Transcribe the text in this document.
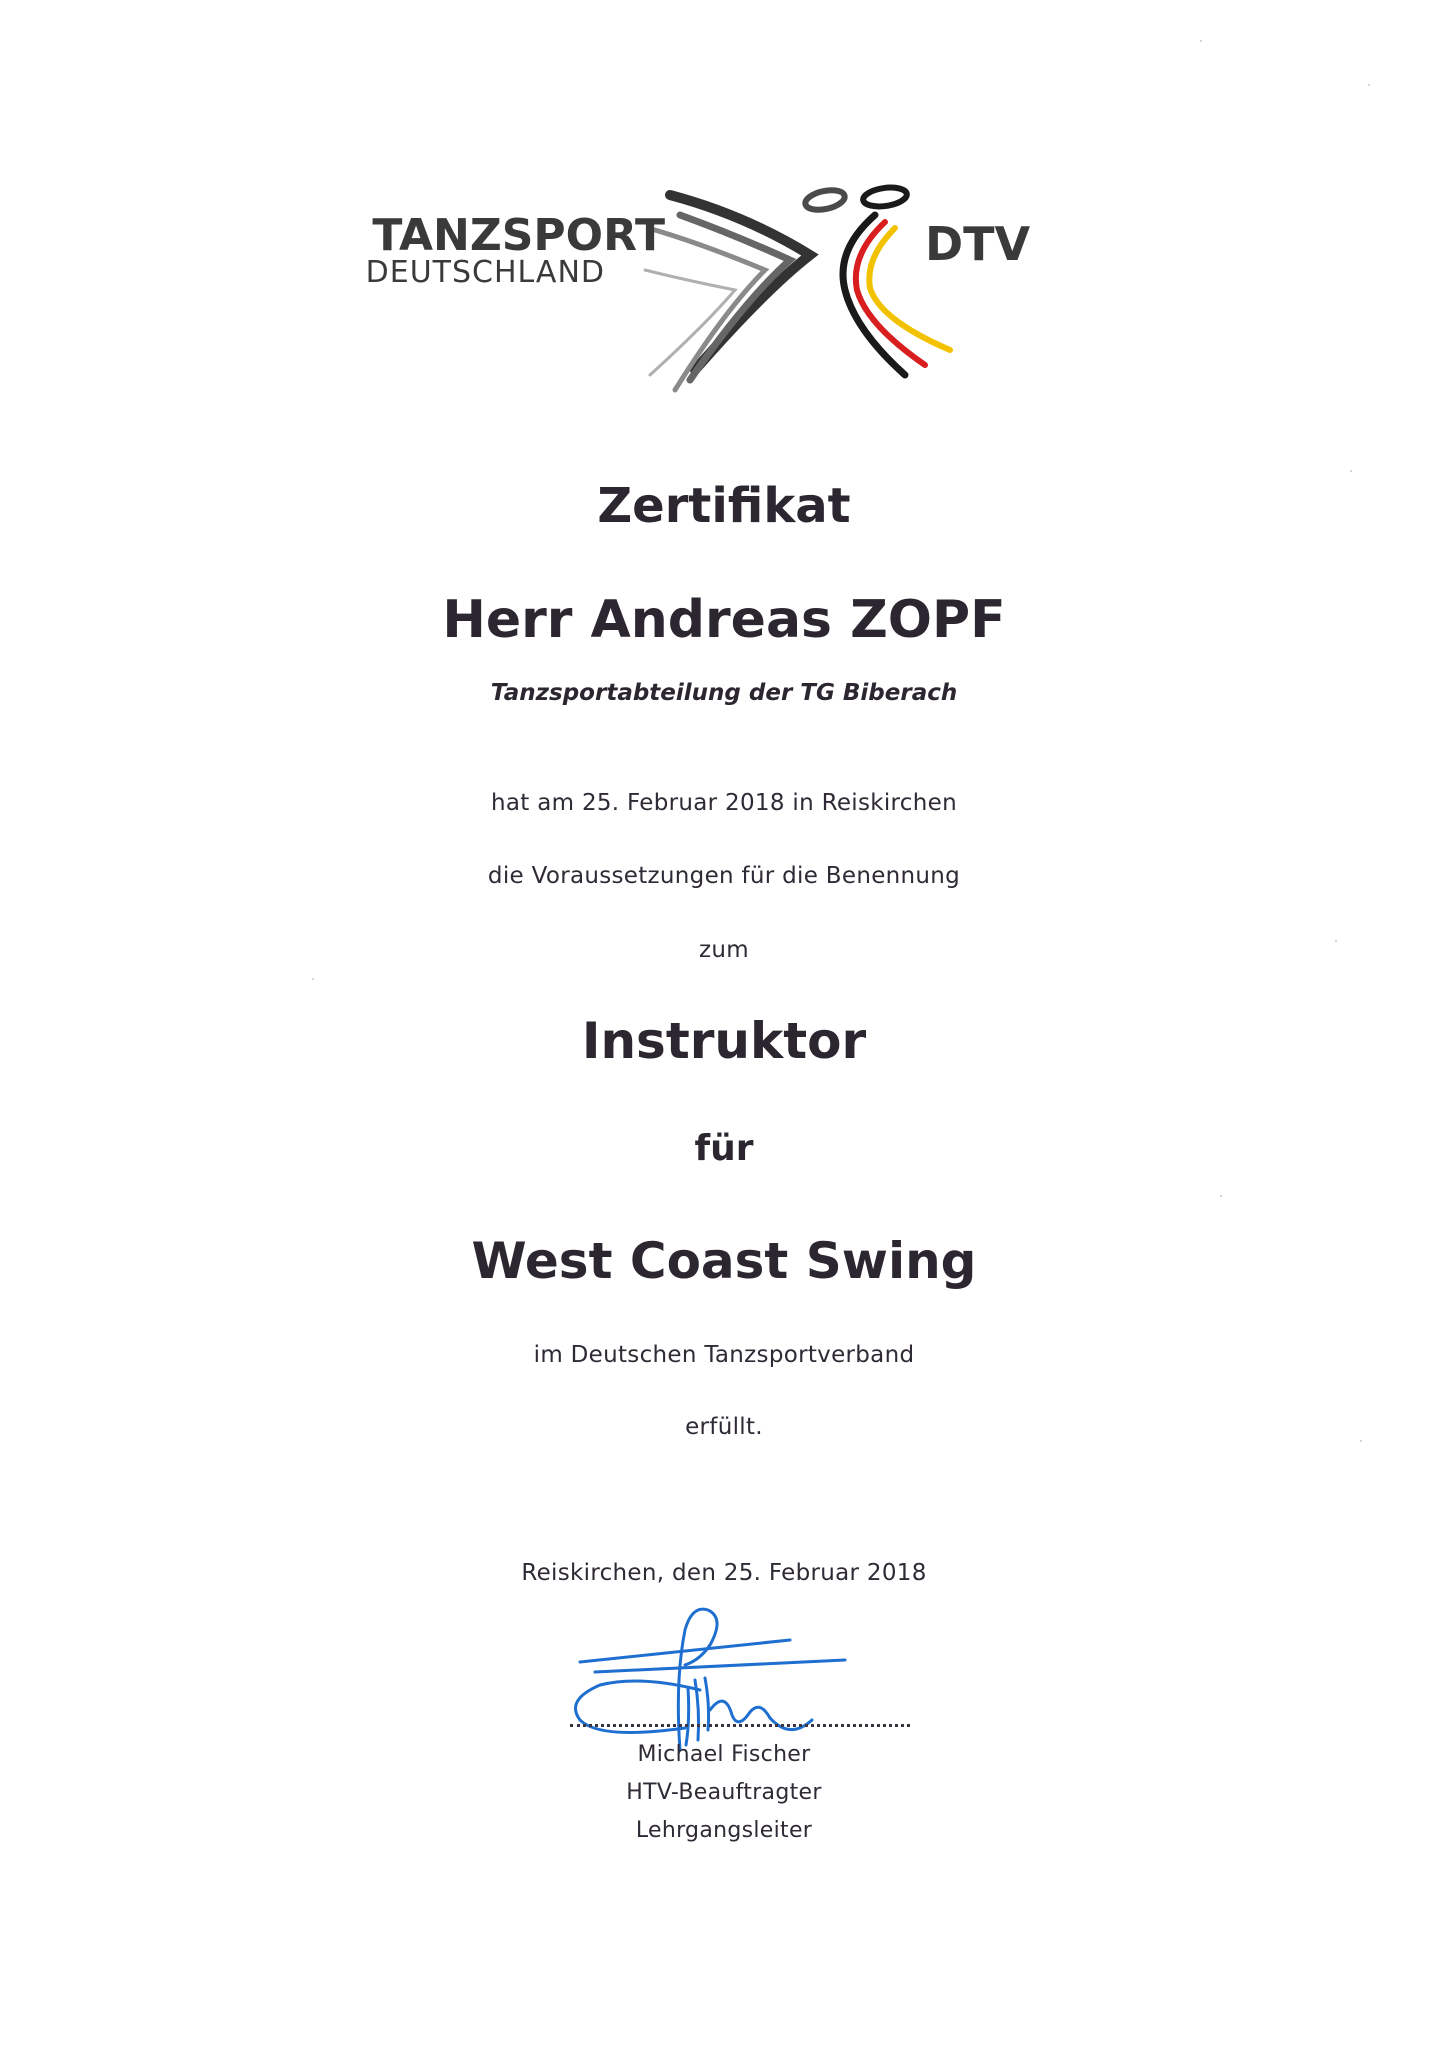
TANZSPORT
DEUTSCHLAND
DTV
Zertifikat
Herr Andreas ZOPF
Tanzsportabteilung der TG Biberach
hat am 25. Februar 2018 in Reiskirchen
die Voraussetzungen für die Benennung
zum
Instruktor
für
West Coast Swing
im Deutschen Tanzsportverband
erfüllt.
Reiskirchen, den 25. Februar 2018
Michael Fischer
HTV-Beauftragter
Lehrgangsleiter
